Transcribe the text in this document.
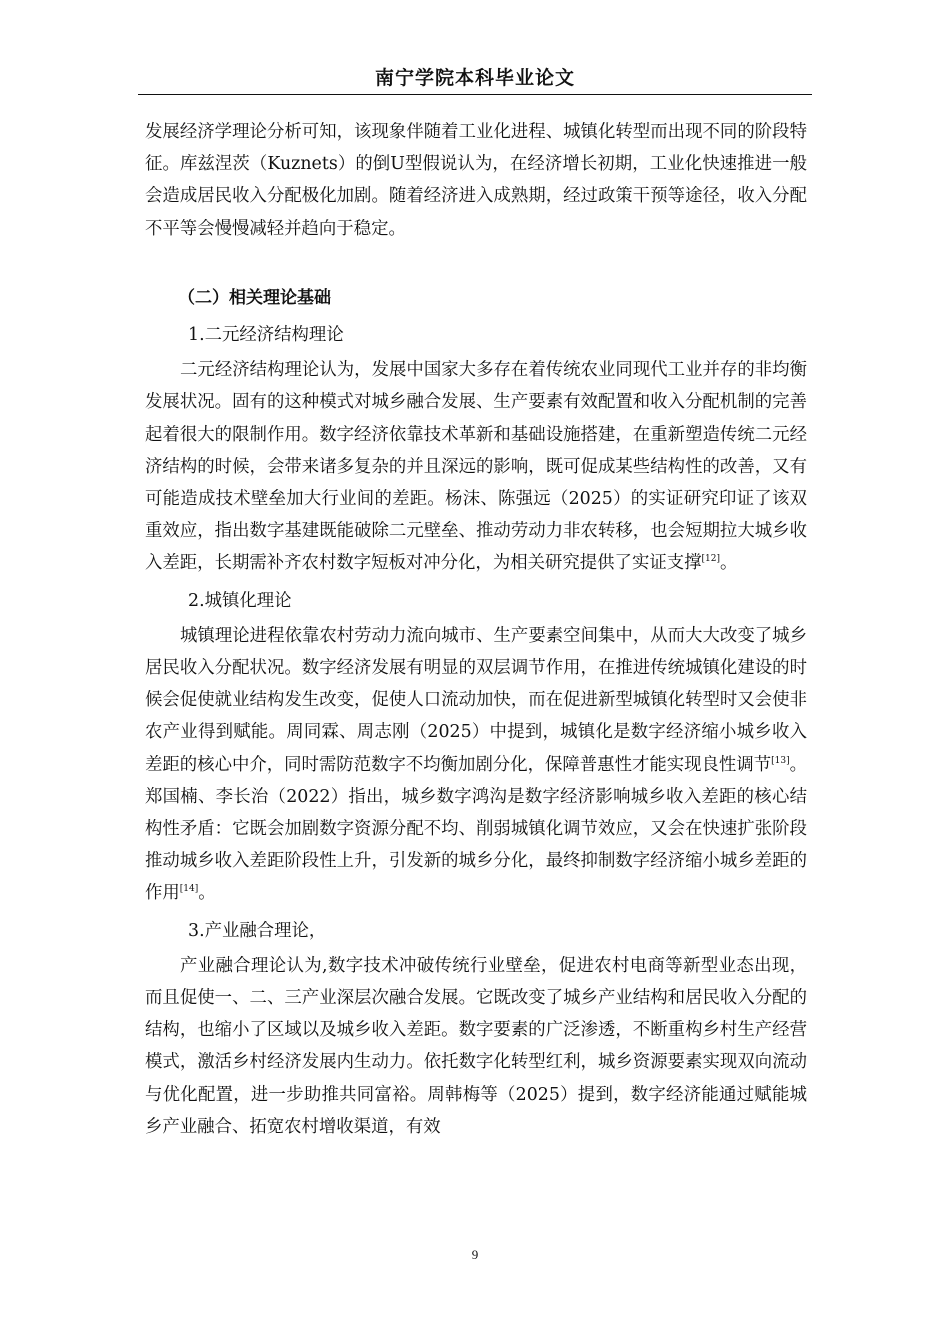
南宁学院本科毕业论文

发展经济学理论分析可知，该现象伴随着工业化进程、城镇化转型而出现不同的阶段特征。库兹涅茨（Kuznets）的倒U型假说认为，在经济增长初期，工业化快速推进一般会造成居民收入分配极化加剧。随着经济进入成熟期，经过政策干预等途径，收入分配不平等会慢慢减轻并趋向于稳定。

（二）相关理论基础
1.二元经济结构理论

二元经济结构理论认为，发展中国家大多存在着传统农业同现代工业并存的非均衡发展状况。固有的这种模式对城乡融合发展、生产要素有效配置和收入分配机制的完善起着很大的限制作用。数字经济依靠技术革新和基础设施搭建，在重新塑造传统二元经济结构的时候，会带来诸多复杂的并且深远的影响，既可促成某些结构性的改善，又有可能造成技术壁垒加大行业间的差距。杨沫、陈强远（2025）的实证研究印证了该双重效应，指出数字基建既能破除二元壁垒、推动劳动力非农转移，也会短期拉大城乡收入差距，长期需补齐农村数字短板对冲分化，为相关研究提供了实证支撑[12]。

2.城镇化理论

城镇理论进程依靠农村劳动力流向城市、生产要素空间集中，从而大大改变了城乡居民收入分配状况。数字经济发展有明显的双层调节作用，在推进传统城镇化建设的时候会促使就业结构发生改变，促使人口流动加快，而在促进新型城镇化转型时又会使非农产业得到赋能。周同霖、周志刚（2025）中提到，城镇化是数字经济缩小城乡收入差距的核心中介，同时需防范数字不均衡加剧分化，保障普惠性才能实现良性调节[13]。郑国楠、李长治（2022）指出，城乡数字鸿沟是数字经济影响城乡收入差距的核心结构性矛盾：它既会加剧数字资源分配不均、削弱城镇化调节效应，又会在快速扩张阶段推动城乡收入差距阶段性上升，引发新的城乡分化，最终抑制数字经济缩小城乡差距的作用[14]。

3.产业融合理论，

产业融合理论认为,数字技术冲破传统行业壁垒，促进农村电商等新型业态出现，而且促使一、二、三产业深层次融合发展。它既改变了城乡产业结构和居民收入分配的结构，也缩小了区域以及城乡收入差距。数字要素的广泛渗透，不断重构乡村生产经营模式，激活乡村经济发展内生动力。依托数字化转型红利，城乡资源要素实现双向流动与优化配置，进一步助推共同富裕。周韩梅等（2025）提到，数字经济能通过赋能城乡产业融合、拓宽农村增收渠道，有效

9
